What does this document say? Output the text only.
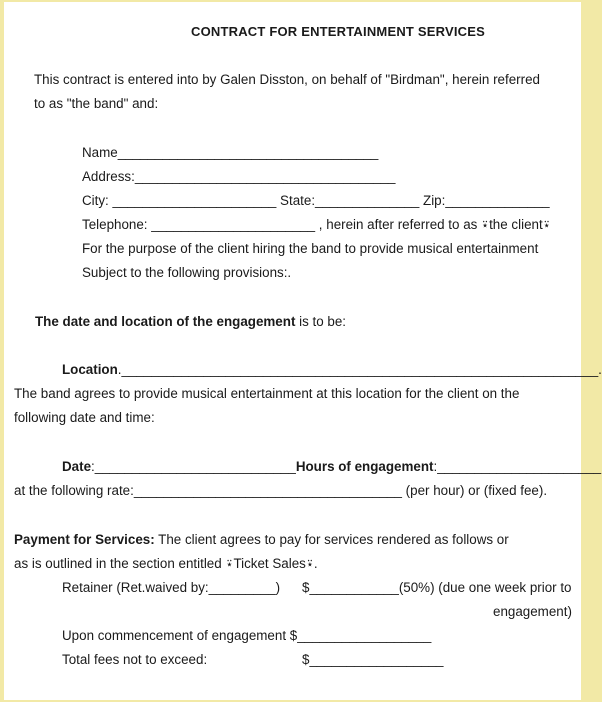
CONTRACT FOR ENTERTAINMENT SERVICES
This contract is entered into by Galen Disston, on behalf of "Birdman", herein referred
to as "the band" and:
Name___________________________________
Address:___________________________________
City: ______________________ State:______________ Zip:______________
Telephone: ______________________ , herein after referred to as ⍣the client⍣
For the purpose of the client hiring the band to provide musical entertainment
Subject to the following provisions:.
The date and location of the engagement is to be:
Location.________________________________________________________________.
The band agrees to provide musical entertainment at this location for the client on the
following date and time:
Date:___________________________Hours of engagement:______________________
at the following rate:____________________________________ (per hour) or (fixed fee).
Payment for Services: The client agrees to pay for services rendered as follows or
as is outlined in the section entitled ⍣Ticket Sales⍣.
Retainer (Ret.waived by:_________) $____________(50%) (due one week prior to
engagement)
Upon commencement of engagement $__________________
Total fees not to exceed:	$__________________
